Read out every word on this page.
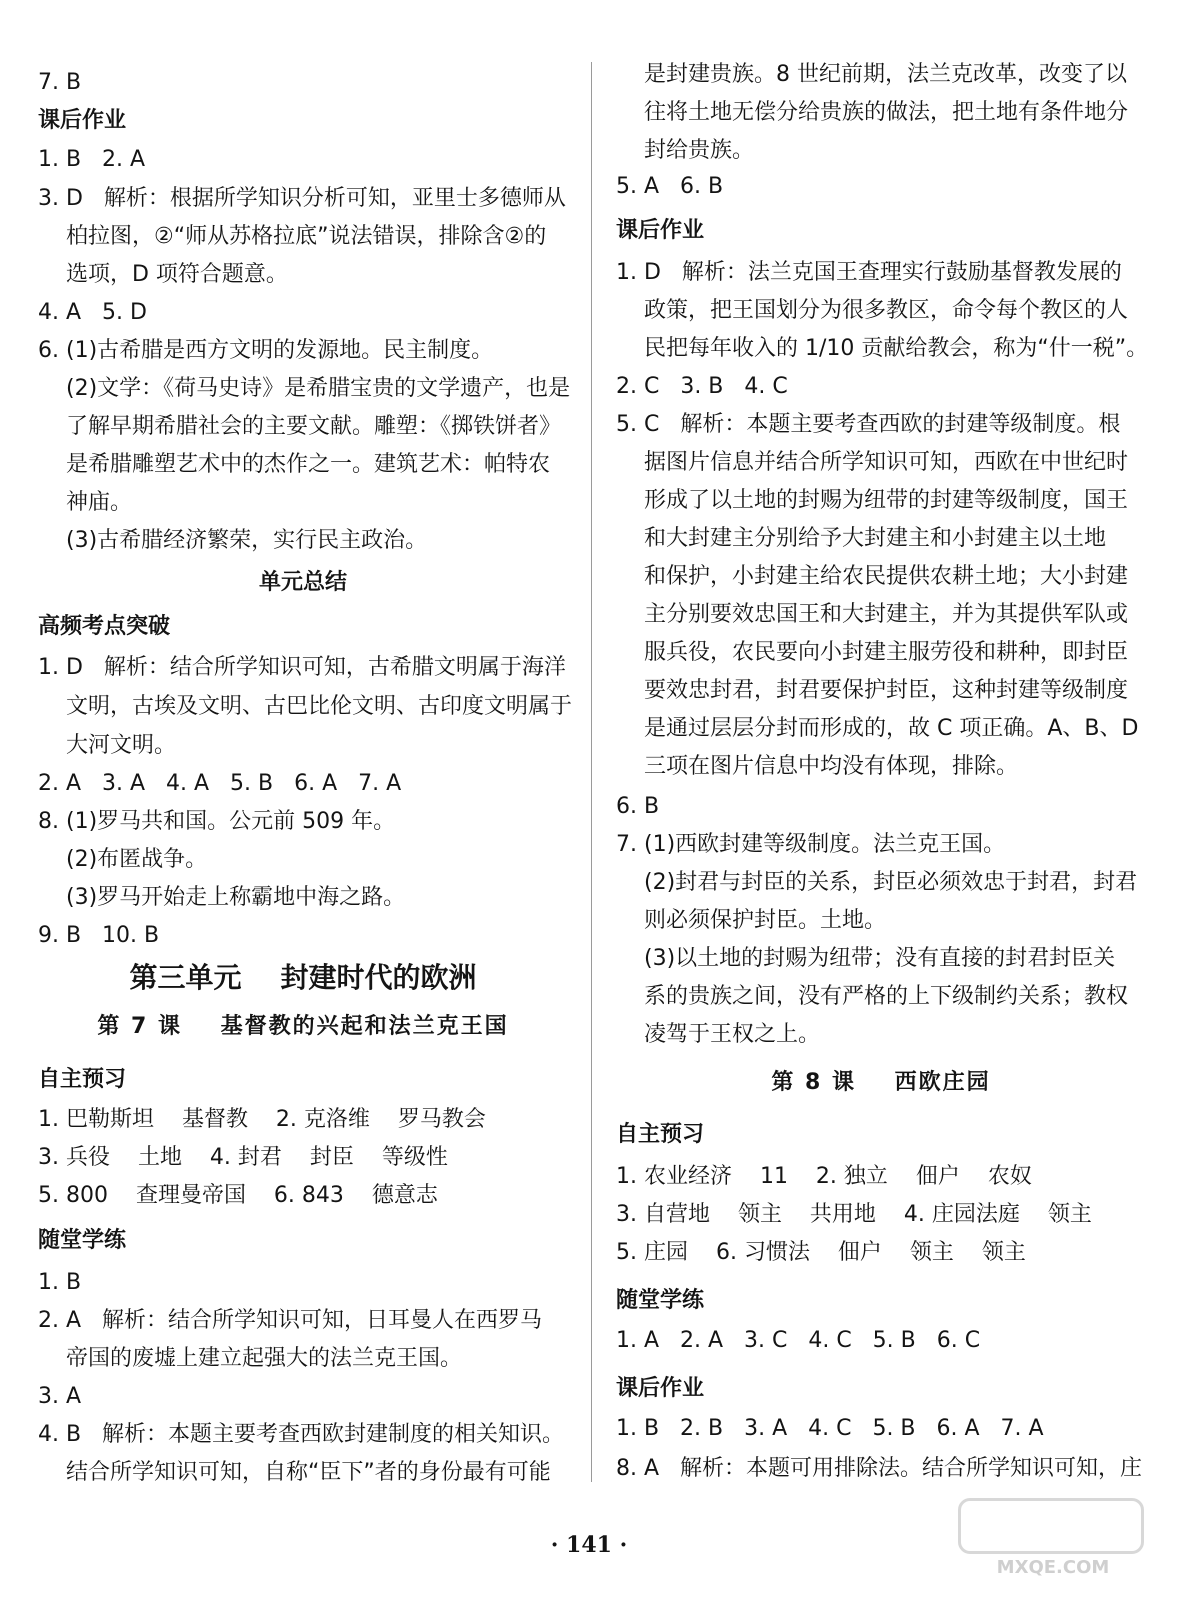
7. B
课后作业
1. B   2. A
3. D   解析：根据所学知识分析可知，亚里士多德师从
柏拉图，②“师从苏格拉底”说法错误，排除含②的
选项，D 项符合题意。
4. A   5. D
6. (1)古希腊是西方文明的发源地。民主制度。
(2)文学：《荷马史诗》是希腊宝贵的文学遗产，也是
了解早期希腊社会的主要文献。雕塑：《掷铁饼者》
是希腊雕塑艺术中的杰作之一。建筑艺术：帕特农
神庙。
(3)古希腊经济繁荣，实行民主政治。
单元总结
高频考点突破
1. D   解析：结合所学知识可知，古希腊文明属于海洋
文明，古埃及文明、古巴比伦文明、古印度文明属于
大河文明。
2. A   3. A   4. A   5. B   6. A   7. A
8. (1)罗马共和国。公元前 509 年。
(2)布匿战争。
(3)罗马开始走上称霸地中海之路。
9. B   10. B
第三单元    封建时代的欧洲
第 7 课    基督教的兴起和法兰克王国
自主预习
1. 巴勒斯坦    基督教    2. 克洛维    罗马教会
3. 兵役    土地    4. 封君    封臣    等级性
5. 800    查理曼帝国    6. 843    德意志
随堂学练
1. B
2. A   解析：结合所学知识可知，日耳曼人在西罗马
帝国的废墟上建立起强大的法兰克王国。
3. A
4. B   解析：本题主要考查西欧封建制度的相关知识。
结合所学知识可知，自称“臣下”者的身份最有可能
是封建贵族。8 世纪前期，法兰克改革，改变了以
往将土地无偿分给贵族的做法，把土地有条件地分
封给贵族。
5. A   6. B
课后作业
1. D   解析：法兰克国王查理实行鼓励基督教发展的
政策，把王国划分为很多教区，命令每个教区的人
民把每年收入的 1/10 贡献给教会，称为“什一税”。
2. C   3. B   4. C
5. C   解析：本题主要考查西欧的封建等级制度。根
据图片信息并结合所学知识可知，西欧在中世纪时
形成了以土地的封赐为纽带的封建等级制度，国王
和大封建主分别给予大封建主和小封建主以土地
和保护，小封建主给农民提供农耕土地；大小封建
主分别要效忠国王和大封建主，并为其提供军队或
服兵役，农民要向小封建主服劳役和耕种，即封臣
要效忠封君，封君要保护封臣，这种封建等级制度
是通过层层分封而形成的，故 C 项正确。A、B、D
三项在图片信息中均没有体现，排除。
6. B
7. (1)西欧封建等级制度。法兰克王国。
(2)封君与封臣的关系，封臣必须效忠于封君，封君
则必须保护封臣。土地。
(3)以土地的封赐为纽带；没有直接的封君封臣关
系的贵族之间，没有严格的上下级制约关系；教权
凌驾于王权之上。
第 8 课    西欧庄园
自主预习
1. 农业经济    11    2. 独立    佃户    农奴
3. 自营地    领主    共用地    4. 庄园法庭    领主
5. 庄园    6. 习惯法    佃户    领主    领主
随堂学练
1. A   2. A   3. C   4. C   5. B   6. C
课后作业
1. B   2. B   3. A   4. C   5. B   6. A   7. A
8. A   解析：本题可用排除法。结合所学知识可知，庄
· 141 ·
MXQE.COM
